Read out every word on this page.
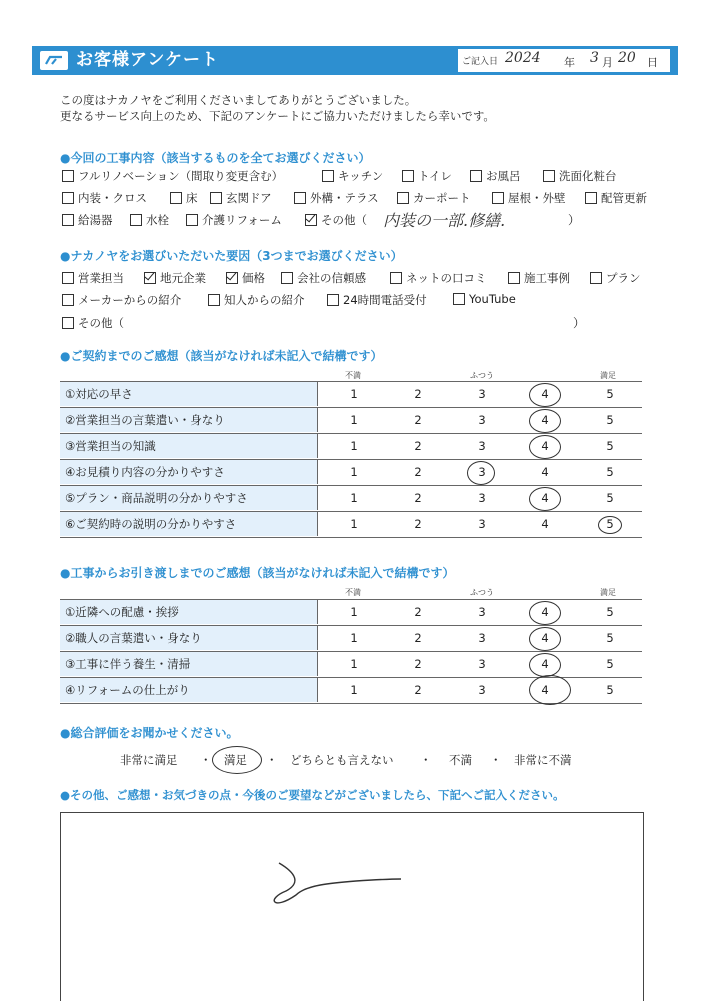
お客様アンケート	ご記入日 2024 年 3 月 20 日
この度はナカノヤをご利用くださいましてありがとうございました。
更なるサービス向上のため、下記のアンケートにご協力いただけましたら幸いです。
●今回の工事内容（該当するものを全てお選びください）
フルリノベーション（間取り変更含む）	キッチン	トイレ	お風呂	洗面化粧台
内装・クロス	床 玄関ドア	外構・テラス	カーポート	屋根・外壁	配管更新
給湯器	水栓	介護リフォーム	その他（ 内装の一部.修繕.	）
●ナカノヤをお選びいただいた要因（3つまでお選びください）
営業担当	地元企業	価格	会社の信頼感	ネットの口コミ	施工事例	プラン
メーカーからの紹介	知人からの紹介	24時間電話受付	YouTube
その他（	）
●ご契約までのご感想（該当がなければ未記入で結構です）
不満	ふつう	満足
①対応の早さ	1	2	3	4	5
②営業担当の言葉遣い・身なり	1	2	3	4	5
③営業担当の知識	1	2	3	4	5
④お見積り内容の分かりやすさ	1	2	3	4	5
⑤プラン・商品説明の分かりやすさ	1	2	3	4	5
⑥ご契約時の説明の分かりやすさ	1	2	3	4	5
●工事からお引き渡しまでのご感想（該当がなければ未記入で結構です）
不満	ふつう	満足
①近隣への配慮・挨拶	1	2	3	4	5
②職人の言葉遣い・身なり	1	2	3	4	5
③工事に伴う養生・清掃	1	2	3	4	5
④リフォームの仕上がり	1	2	3	4	5
●総合評価をお聞かせください。
非常に満足 ・ 満足 ・ どちらとも言えない ・ 不満 ・ 非常に不満
●その他、ご感想・お気づきの点・今後のご要望などがございましたら、下記へご記入ください。
